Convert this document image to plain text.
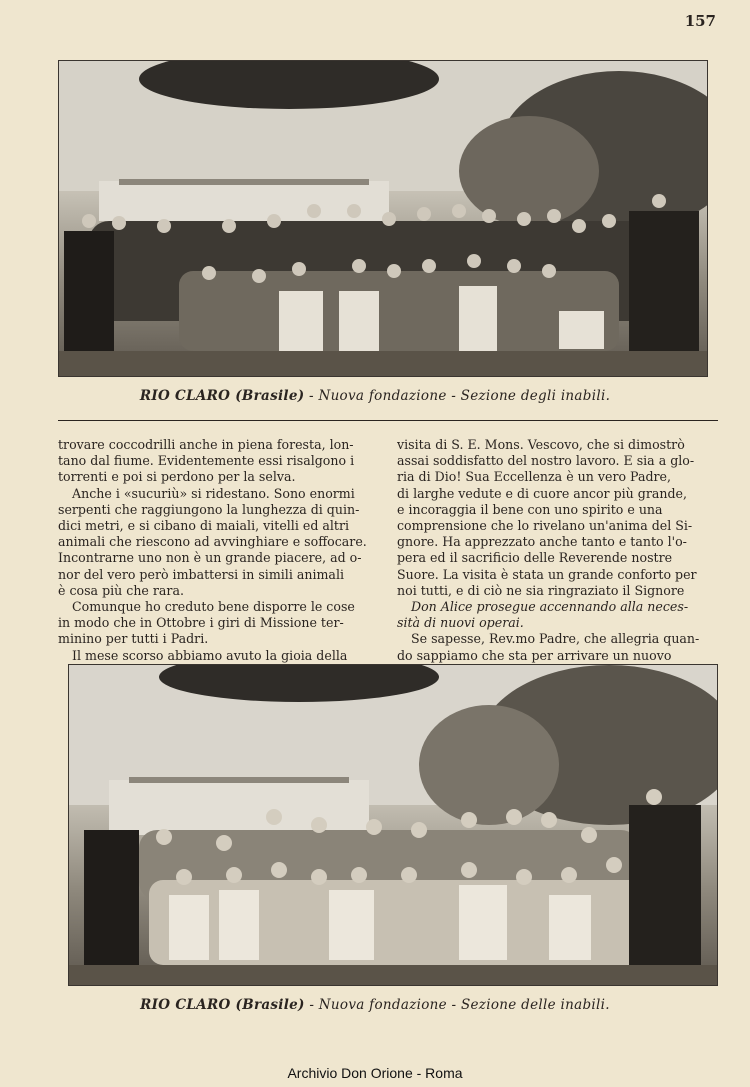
157
RIO CLARO (Brasile) - Nuova fondazione - Sezione degli inabili.
trovare coccodrilli anche in piena foresta, lon-
tano dal fiume. Evidentemente essi risalgono i
torrenti e poi si perdono per la selva.
Anche i «sucuriù» si ridestano. Sono enormi
serpenti che raggiungono la lunghezza di quin-
dici metri, e si cibano di maiali, vitelli ed altri
animali che riescono ad avvinghiare e soffocare.
Incontrarne uno non è un grande piacere, ad o-
nor del vero però imbattersi in simili animali
è cosa più che rara.
Comunque ho creduto bene disporre le cose
in modo che in Ottobre i giri di Missione ter-
minino per tutti i Padri.
Il mese scorso abbiamo avuto la gioia della
visita di S. E. Mons. Vescovo, che si dimostrò
assai soddisfatto del nostro lavoro. E sia a glo-
ria di Dio! Sua Eccellenza è un vero Padre,
di larghe vedute e di cuore ancor più grande,
e incoraggia il bene con uno spirito e una
comprensione che lo rivelano un'anima del Si-
gnore. Ha apprezzato anche tanto e tanto l'o-
pera ed il sacrificio delle Reverende nostre
Suore. La visita è stata un grande conforto per
noi tutti, e di ciò ne sia ringraziato il Signore
Don Alice prosegue accennando alla neces-
sità di nuovi operai.
Se sapesse, Rev.mo Padre, che allegria quan-
do sappiamo che sta per arrivare un nuovo
RIO CLARO (Brasile) - Nuova fondazione - Sezione delle inabili.
Archivio Don Orione - Roma
